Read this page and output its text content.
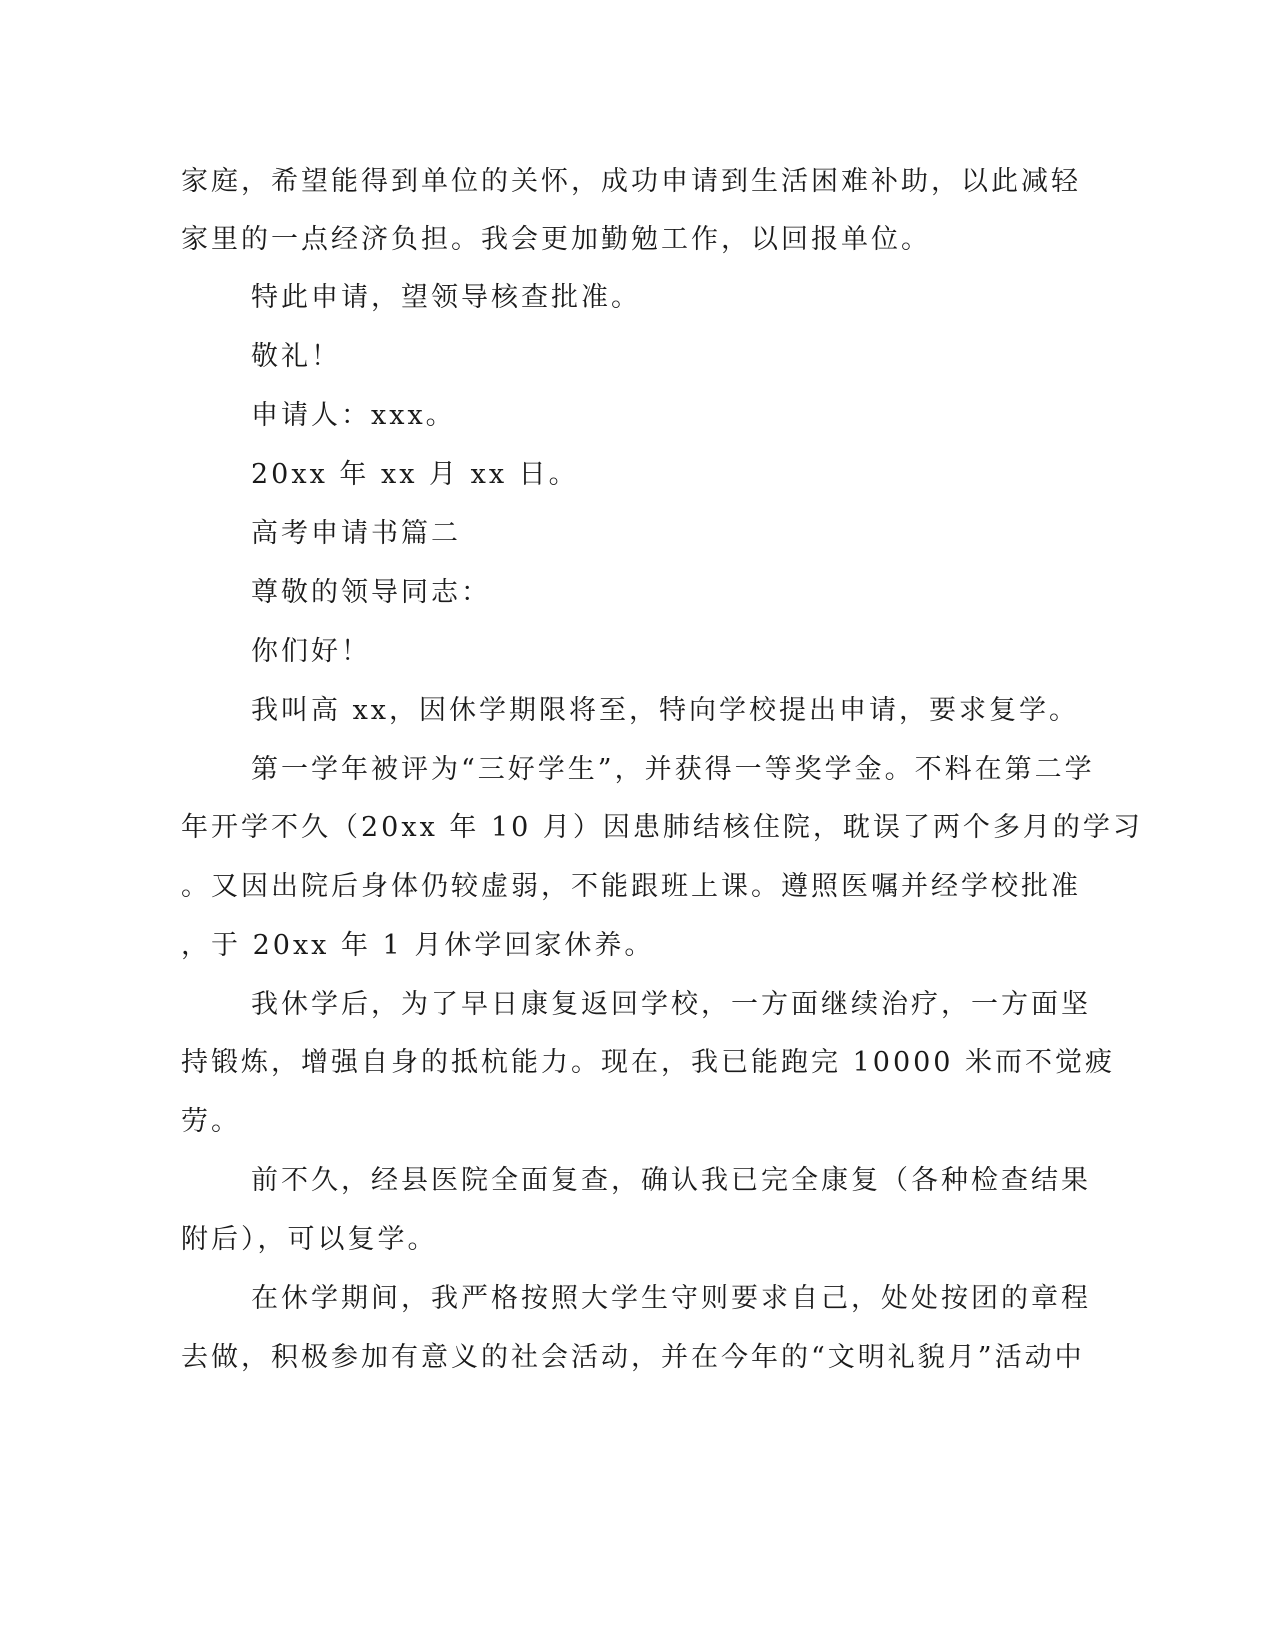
家庭，希望能得到单位的关怀，成功申请到生活困难补助，以此减轻

家里的一点经济负担。我会更加勤勉工作，以回报单位。

特此申请，望领导核查批准。

敬礼！

申请人：xxx。

20xx 年 xx 月 xx 日。

高考申请书篇二

尊敬的领导同志：

你们好！

我叫高 xx，因休学期限将至，特向学校提出申请，要求复学。

第一学年被评为“三好学生”，并获得一等奖学金。不料在第二学

年开学不久（20xx 年 10 月）因患肺结核住院，耽误了两个多月的学习

。又因出院后身体仍较虚弱，不能跟班上课。遵照医嘱并经学校批准

，于 20xx 年 1 月休学回家休养。

我休学后，为了早日康复返回学校，一方面继续治疗，一方面坚

持锻炼，增强自身的抵杭能力。现在，我已能跑完 10000 米而不觉疲

劳。

前不久，经县医院全面复查，确认我已完全康复（各种检查结果

附后），可以复学。

在休学期间，我严格按照大学生守则要求自己，处处按团的章程

去做，积极参加有意义的社会活动，并在今年的“文明礼貌月”活动中
